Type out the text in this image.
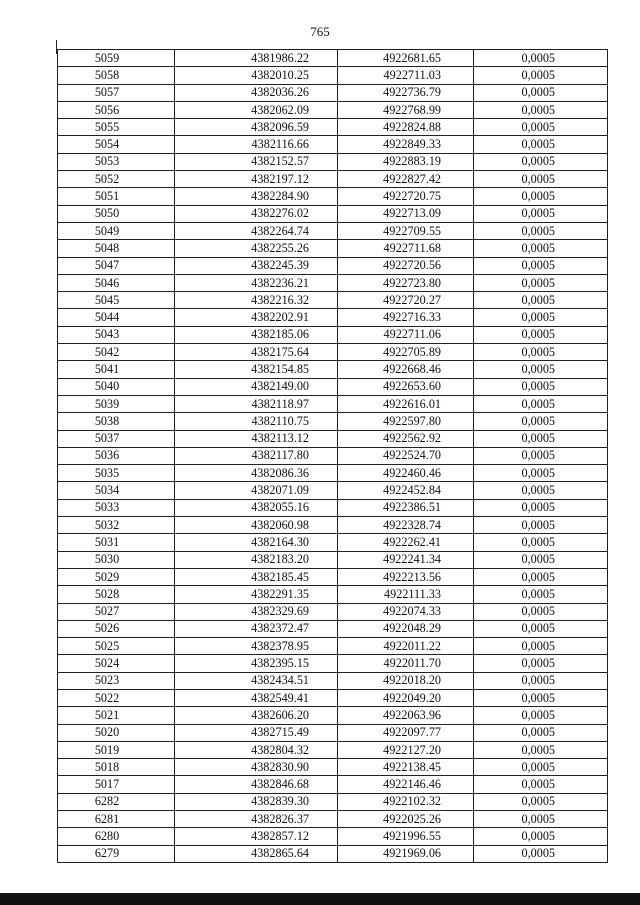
765
5059	4381986.22	4922681.65	0,0005
5058	4382010.25	4922711.03	0,0005
5057	4382036.26	4922736.79	0,0005
5056	4382062.09	4922768.99	0,0005
5055	4382096.59	4922824.88	0,0005
5054	4382116.66	4922849.33	0,0005
5053	4382152.57	4922883.19	0,0005
5052	4382197.12	4922827.42	0,0005
5051	4382284.90	4922720.75	0,0005
5050	4382276.02	4922713.09	0,0005
5049	4382264.74	4922709.55	0,0005
5048	4382255.26	4922711.68	0,0005
5047	4382245.39	4922720.56	0,0005
5046	4382236.21	4922723.80	0,0005
5045	4382216.32	4922720.27	0,0005
5044	4382202.91	4922716.33	0,0005
5043	4382185.06	4922711.06	0,0005
5042	4382175.64	4922705.89	0,0005
5041	4382154.85	4922668.46	0,0005
5040	4382149.00	4922653.60	0,0005
5039	4382118.97	4922616.01	0,0005
5038	4382110.75	4922597.80	0,0005
5037	4382113.12	4922562.92	0,0005
5036	4382117.80	4922524.70	0,0005
5035	4382086.36	4922460.46	0,0005
5034	4382071.09	4922452.84	0,0005
5033	4382055.16	4922386.51	0,0005
5032	4382060.98	4922328.74	0,0005
5031	4382164.30	4922262.41	0,0005
5030	4382183.20	4922241.34	0,0005
5029	4382185.45	4922213.56	0,0005
5028	4382291.35	4922111.33	0,0005
5027	4382329.69	4922074.33	0,0005
5026	4382372.47	4922048.29	0,0005
5025	4382378.95	4922011.22	0,0005
5024	4382395.15	4922011.70	0,0005
5023	4382434.51	4922018.20	0,0005
5022	4382549.41	4922049.20	0,0005
5021	4382606.20	4922063.96	0,0005
5020	4382715.49	4922097.77	0,0005
5019	4382804.32	4922127.20	0,0005
5018	4382830.90	4922138.45	0,0005
5017	4382846.68	4922146.46	0,0005
6282	4382839.30	4922102.32	0,0005
6281	4382826.37	4922025.26	0,0005
6280	4382857.12	4921996.55	0,0005
6279	4382865.64	4921969.06	0,0005
